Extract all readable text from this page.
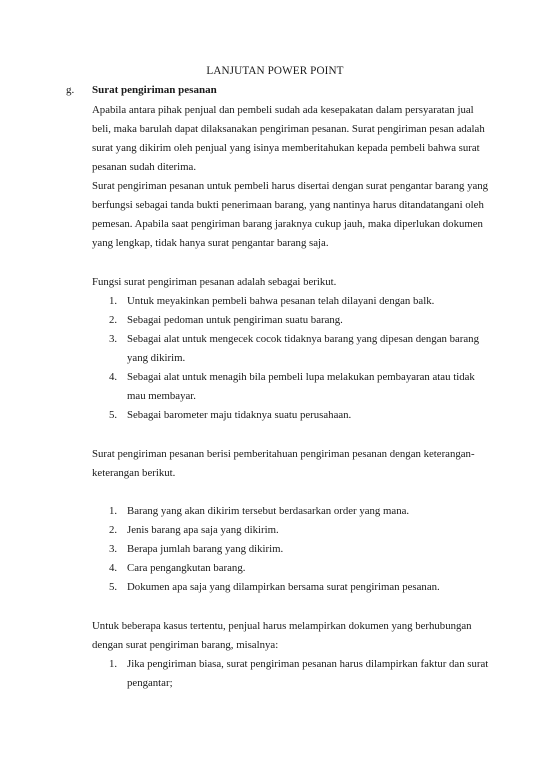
LANJUTAN POWER POINT
g. Surat pengiriman pesanan

Apabila antara pihak penjual dan pembeli sudah ada kesepakatan dalam persyaratan jual beli, maka barulah dapat dilaksanakan pengiriman pesanan. Surat pengiriman pesan adalah surat yang dikirim oleh penjual yang isinya memberitahukan kepada pembeli bahwa surat pesanan sudah diterima.

Surat pengiriman pesanan untuk pembeli harus disertai dengan surat pengantar barang yang berfungsi sebagai tanda bukti penerimaan barang, yang nantinya harus ditandatangani oleh pemesan. Apabila saat pengiriman barang jaraknya cukup jauh, maka diperlukan dokumen yang lengkap, tidak hanya surat pengantar barang saja.

Fungsi surat pengiriman pesanan adalah sebagai berikut.

1. Untuk meyakinkan pembeli bahwa pesanan telah dilayani dengan balk.
2. Sebagai pedoman untuk pengiriman suatu barang.
3. Sebagai alat untuk mengecek cocok tidaknya barang yang dipesan dengan barang yang dikirim.
4. Sebagai alat untuk menagih bila pembeli lupa melakukan pembayaran atau tidak mau membayar.
5. Sebagai barometer maju tidaknya suatu perusahaan.

Surat pengiriman pesanan berisi pemberitahuan pengiriman pesanan dengan keterangan-keterangan berikut.

1. Barang yang akan dikirim tersebut berdasarkan order yang mana.
2. Jenis barang apa saja yang dikirim.
3. Berapa jumlah barang yang dikirim.
4. Cara pengangkutan barang.
5. Dokumen apa saja yang dilampirkan bersama surat pengiriman pesanan.

Untuk beberapa kasus tertentu, penjual harus melampirkan dokumen yang berhubungan dengan surat pengiriman barang, misalnya:

1. Jika pengiriman biasa, surat pengiriman pesanan harus dilampirkan faktur dan surat pengantar;
